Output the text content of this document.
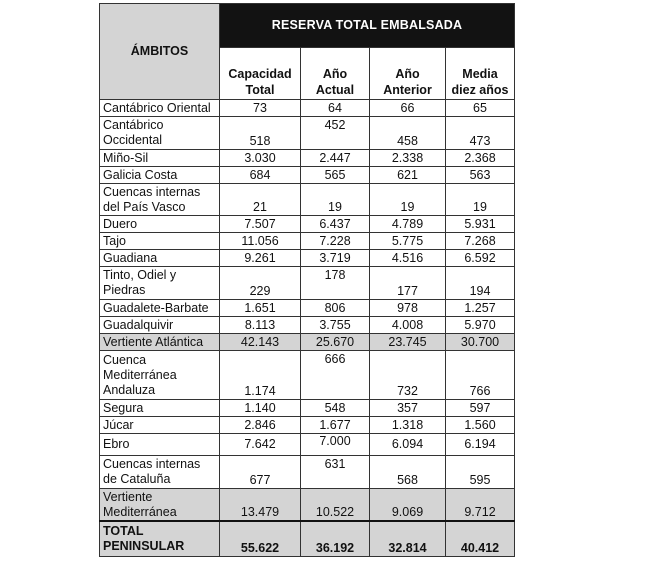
ÁMBITOS	RESERVA TOTAL EMBALSADA			
	Capacidad Total	Año Actual	Año Anterior	Media diez años
Cantábrico Oriental	73	64	66	65
Cantábrico Occidental	518	452	458	473
Miño-Sil	3.030	2.447	2.338	2.368
Galicia Costa	684	565	621	563
Cuencas internas del País Vasco	21	19	19	19
Duero	7.507	6.437	4.789	5.931
Tajo	11.056	7.228	5.775	7.268
Guadiana	9.261	3.719	4.516	6.592
Tinto, Odiel y Piedras	229	178	177	194
Guadalete-Barbate	1.651	806	978	1.257
Guadalquivir	8.113	3.755	4.008	5.970
Vertiente Atlántica	42.143	25.670	23.745	30.700
Cuenca Mediterránea Andaluza	1.174	666	732	766
Segura	1.140	548	357	597
Júcar	2.846	1.677	1.318	1.560
Ebro	7.642	7.000	6.094	6.194
Cuencas internas de Cataluña	677	631	568	595
Vertiente Mediterránea	13.479	10.522	9.069	9.712
TOTAL PENINSULAR	55.622	36.192	32.814	40.412
